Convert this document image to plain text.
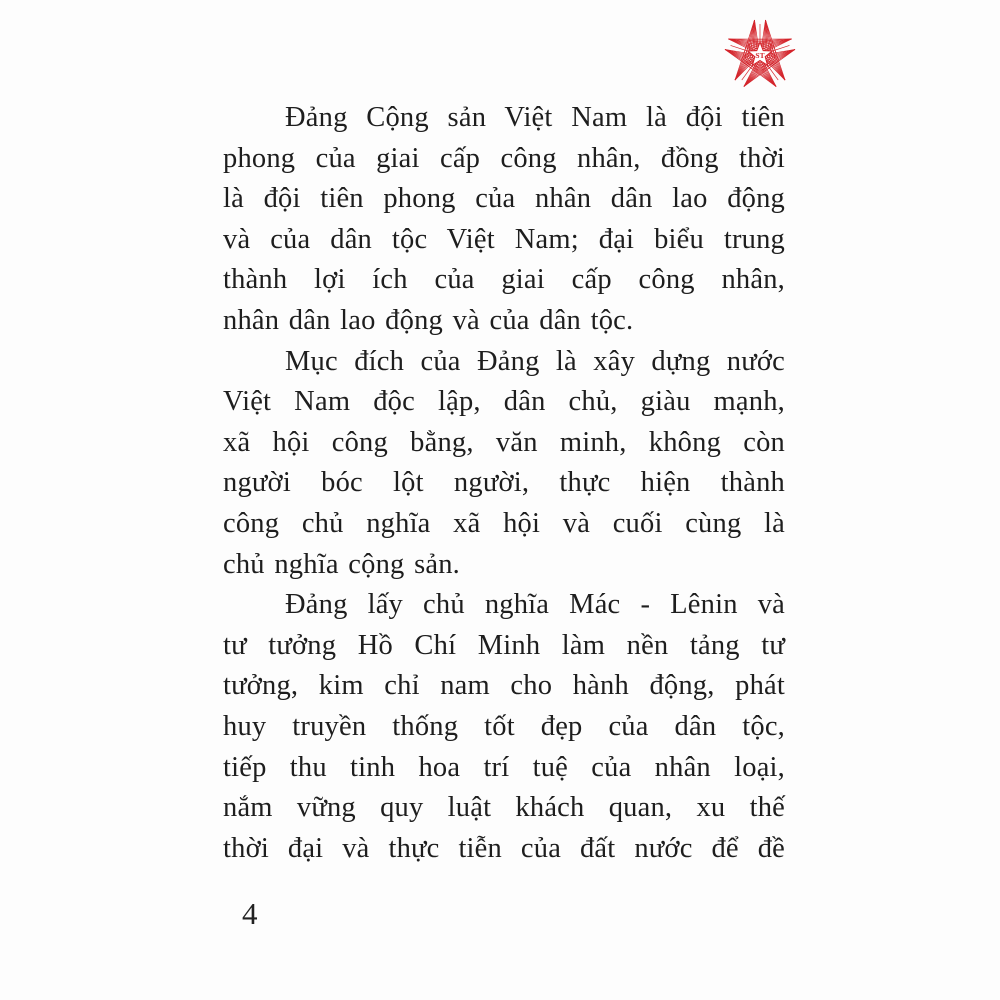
ST
Đảng Cộng sản Việt Nam là đội tiên
phong của giai cấp công nhân, đồng thời
là đội tiên phong của nhân dân lao động
và của dân tộc Việt Nam; đại biểu trung
thành lợi ích của giai cấp công nhân,
nhân dân lao động và của dân tộc.
Mục đích của Đảng là xây dựng nước
Việt Nam độc lập, dân chủ, giàu mạnh,
xã hội công bằng, văn minh, không còn
người bóc lột người, thực hiện thành
công chủ nghĩa xã hội và cuối cùng là
chủ nghĩa cộng sản.
Đảng lấy chủ nghĩa Mác - Lênin và
tư tưởng Hồ Chí Minh làm nền tảng tư
tưởng, kim chỉ nam cho hành động, phát
huy truyền thống tốt đẹp của dân tộc,
tiếp thu tinh hoa trí tuệ của nhân loại,
nắm vững quy luật khách quan, xu thế
thời đại và thực tiễn của đất nước để đề
4
